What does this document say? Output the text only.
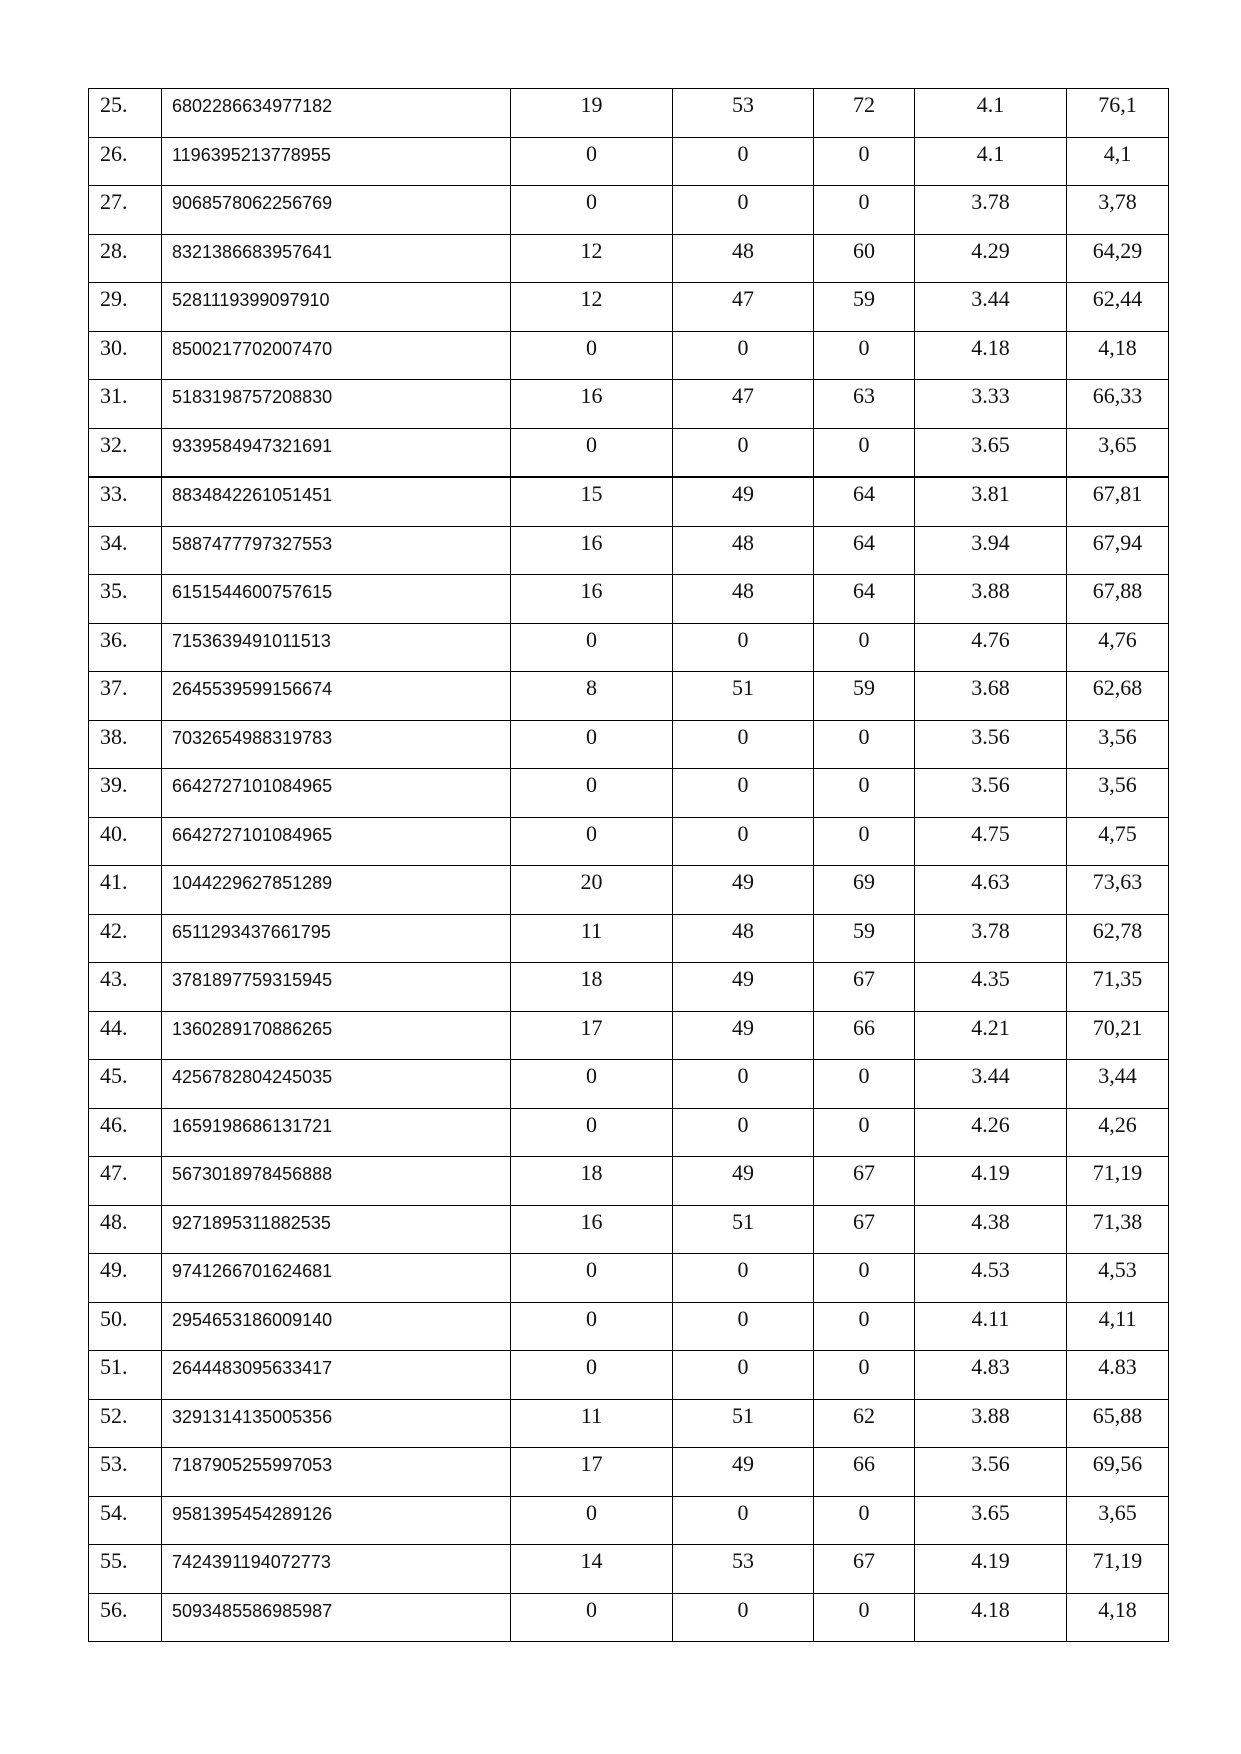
25.	6802286634977182	19	53	72	4.1	76,1

26.	1196395213778955	0	0	0	4.1	4,1

27.	9068578062256769	0	0	0	3.78	3,78

28.	8321386683957641	12	48	60	4.29	64,29

29.	5281119399097910	12	47	59	3.44	62,44

30.	8500217702007470	0	0	0	4.18	4,18

31.	5183198757208830	16	47	63	3.33	66,33

32.	9339584947321691	0	0	0	3.65	3,65

33.	8834842261051451	15	49	64	3.81	67,81

34.	5887477797327553	16	48	64	3.94	67,94

35.	6151544600757615	16	48	64	3.88	67,88

36.	7153639491011513	0	0	0	4.76	4,76

37.	2645539599156674	8	51	59	3.68	62,68

38.	7032654988319783	0	0	0	3.56	3,56

39.	6642727101084965	0	0	0	3.56	3,56

40.	6642727101084965	0	0	0	4.75	4,75

41.	1044229627851289	20	49	69	4.63	73,63

42.	6511293437661795	11	48	59	3.78	62,78

43.	3781897759315945	18	49	67	4.35	71,35

44.	1360289170886265	17	49	66	4.21	70,21

45.	4256782804245035	0	0	0	3.44	3,44

46.	1659198686131721	0	0	0	4.26	4,26

47.	5673018978456888	18	49	67	4.19	71,19

48.	9271895311882535	16	51	67	4.38	71,38

49.	9741266701624681	0	0	0	4.53	4,53

50.	2954653186009140	0	0	0	4.11	4,11

51.	2644483095633417	0	0	0	4.83	4.83

52.	3291314135005356	11	51	62	3.88	65,88

53.	7187905255997053	17	49	66	3.56	69,56

54.	9581395454289126	0	0	0	3.65	3,65

55.	7424391194072773	14	53	67	4.19	71,19

56.	5093485586985987	0	0	0	4.18	4,18
